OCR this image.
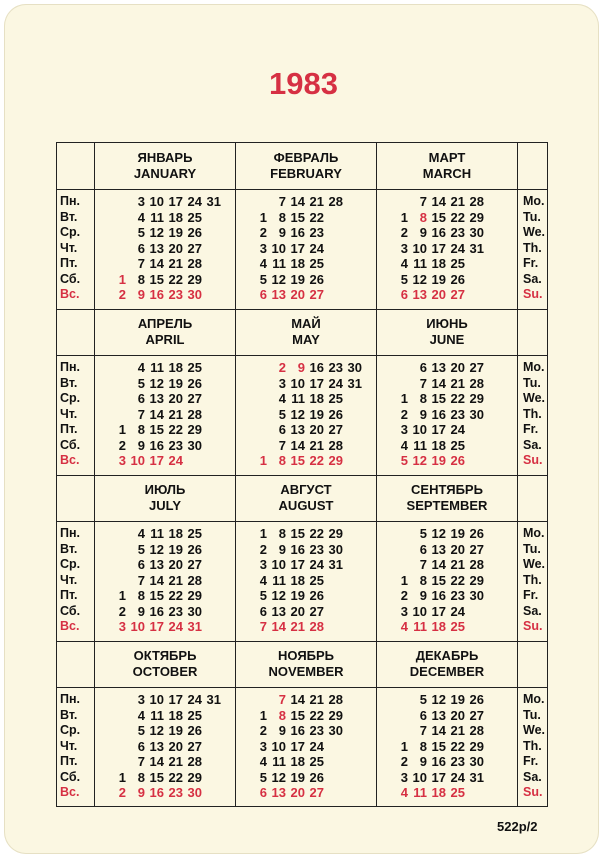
1983
Пн.
Вт.
Ср.
Чт.
Пт.
Сб.
Вс.
Mo.
Tu.
We.
Th.
Fr.
Sa.
Su.
ЯНВАРЬ
JANUARY
3 10 17 24 31
4 11 18 25
5 12 19 26
6 13 20 27
7 14 21 28
1 8 15 22 29
2 9 16 23 30
ФЕВРАЛЬ
FEBRUARY
7 14 21 28
1 8 15 22
2 9 16 23
3 10 17 24
4 11 18 25
5 12 19 26
6 13 20 27
МАРТ
MARCH
7 14 21 28
1 8 15 22 29
2 9 16 23 30
3 10 17 24 31
4 11 18 25
5 12 19 26
6 13 20 27
Пн.
Вт.
Ср.
Чт.
Пт.
Сб.
Вс.
Mo.
Tu.
We.
Th.
Fr.
Sa.
Su.
АПРЕЛЬ
APRIL
4 11 18 25
5 12 19 26
6 13 20 27
7 14 21 28
1 8 15 22 29
2 9 16 23 30
3 10 17 24
МАЙ
MAY
2 9 16 23 30
3 10 17 24 31
4 11 18 25
5 12 19 26
6 13 20 27
7 14 21 28
1 8 15 22 29
ИЮНЬ
JUNE
6 13 20 27
7 14 21 28
1 8 15 22 29
2 9 16 23 30
3 10 17 24
4 11 18 25
5 12 19 26
Пн.
Вт.
Ср.
Чт.
Пт.
Сб.
Вс.
Mo.
Tu.
We.
Th.
Fr.
Sa.
Su.
ИЮЛЬ
JULY
4 11 18 25
5 12 19 26
6 13 20 27
7 14 21 28
1 8 15 22 29
2 9 16 23 30
3 10 17 24 31
АВГУСТ
AUGUST
1 8 15 22 29
2 9 16 23 30
3 10 17 24 31
4 11 18 25
5 12 19 26
6 13 20 27
7 14 21 28
СЕНТЯБРЬ
SEPTEMBER
5 12 19 26
6 13 20 27
7 14 21 28
1 8 15 22 29
2 9 16 23 30
3 10 17 24
4 11 18 25
Пн.
Вт.
Ср.
Чт.
Пт.
Сб.
Вс.
Mo.
Tu.
We.
Th.
Fr.
Sa.
Su.
ОКТЯБРЬ
OCTOBER
3 10 17 24 31
4 11 18 25
5 12 19 26
6 13 20 27
7 14 21 28
1 8 15 22 29
2 9 16 23 30
НОЯБРЬ
NOVEMBER
7 14 21 28
1 8 15 22 29
2 9 16 23 30
3 10 17 24
4 11 18 25
5 12 19 26
6 13 20 27
ДЕКАБРЬ
DECEMBER
5 12 19 26
6 13 20 27
7 14 21 28
1 8 15 22 29
2 9 16 23 30
3 10 17 24 31
4 11 18 25
522p/2
